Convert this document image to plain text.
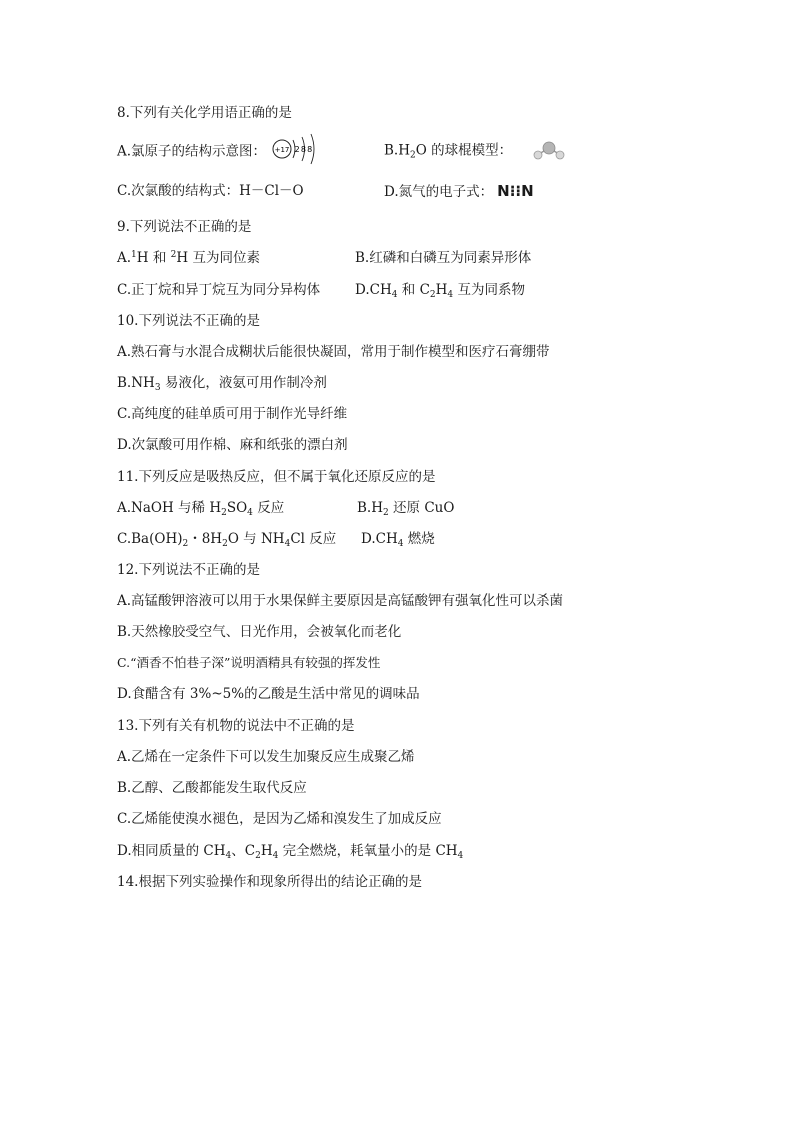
8.下列有关化学用语正确的是
A.氯原子的结构示意图： +17 288	$B.H_2O$ 的球棍模型：
C.次氯酸的结构式：H－Cl－O	D.氮气的电子式： N⁝⁝N
9.下列说法不正确的是
A.$^1$H 和 $^2$H 互为同位素	B.红磷和白磷互为同素异形体
C.正丁烷和异丁烷互为同分异构体	$D.CH_4$ 和 $C_2H_4$ 互为同系物
10.下列说法不正确的是
A.熟石膏与水混合成糊状后能很快凝固，常用于制作模型和医疗石膏绷带
$B.NH_3$ 易液化，液氨可用作制冷剂
C.高纯度的硅单质可用于制作光导纤维
D.次氯酸可用作棉、麻和纸张的漂白剂
11.下列反应是吸热反应，但不属于氧化还原反应的是
A.NaOH 与稀 $H_2SO_4$ 反应	$B.H_2$ 还原 CuO
$C.Ba(OH)_2$・$8H_2O$ 与 $NH_4Cl$ 反应 $D.CH_4$ 燃烧
12.下列说法不正确的是
A.高锰酸钾溶液可以用于水果保鲜主要原因是高锰酸钾有强氧化性可以杀菌
B.天然橡胶受空气、日光作用，会被氧化而老化
C.“酒香不怕巷子深”说明酒精具有较强的挥发性
D.食醋含有 3%~5%的乙酸是生活中常见的调味品
13.下列有关有机物的说法中不正确的是
A.乙烯在一定条件下可以发生加聚反应生成聚乙烯
B.乙醇、乙酸都能发生取代反应
C.乙烯能使溴水褪色，是因为乙烯和溴发生了加成反应
D.相同质量的 $CH_4$、$C_2H_4$ 完全燃烧，耗氧量小的是 $CH_4$
14.根据下列实验操作和现象所得出的结论正确的是
